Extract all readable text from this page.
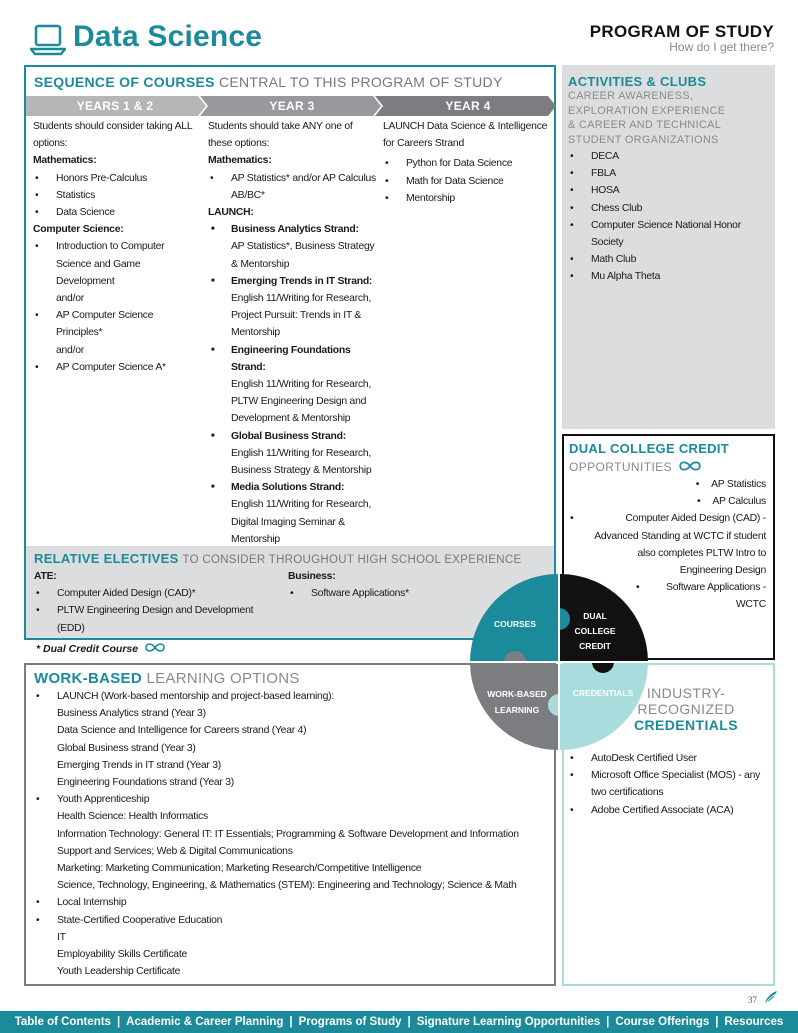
Data Science	PROGRAM OF STUDY
How do I get there?
SEQUENCE OF COURSES CENTRAL TO THIS PROGRAM OF STUDY
YEARS 1 & 2	YEAR 3	YEAR 4
Students should consider taking ALL options:
Mathematics:
• Honors Pre-Calculus
• Statistics
• Data Science
Computer Science:
• Introduction to Computer Science and Game Development
and/or
• AP Computer Science Principles*
and/or
• AP Computer Science A*
Students should take ANY one of these options:
Mathematics:
• AP Statistics* and/or AP Calculus AB/BC*
LAUNCH:
■ Business Analytics Strand:
AP Statistics*, Business Strategy & Mentorship
■ Emerging Trends in IT Strand:
English 11/Writing for Research, Project Pursuit: Trends in IT & Mentorship
■ Engineering Foundations Strand:
English 11/Writing for Research, PLTW Engineering Design and Development & Mentorship
■ Global Business Strand:  English 11/Writing for Research, Business Strategy & Mentorship
■ Media Solutions Strand:  English 11/Writing for Research, Digital Imaging Seminar & Mentorship
LAUNCH Data Science & Intelligence for Careers Strand
• Python for Data Science
• Math for Data Science
• Mentorship
RELATIVE ELECTIVES TO CONSIDER THROUGHOUT HIGH SCHOOL EXPERIENCE
ATE:
• Computer Aided Design (CAD)*
• PLTW Engineering Design and Development (EDD)
Business:
• Software Applications*
* Dual Credit Course
ACTIVITIES & CLUBS
CAREER AWARENESS,
EXPLORATION EXPERIENCE
& CAREER AND TECHNICAL
STUDENT ORGANIZATIONS
• DECA
• FBLA
• HOSA
• Chess Club
• Computer Science National Honor Society
• Math Club
• Mu Alpha Theta
DUAL COLLEGE CREDIT
OPPORTUNITIES
• AP Statistics
• AP Calculus
•	Computer Aided Design (CAD) - Advanced Standing at WCTC if student also completes PLTW Intro to Engineering Design
•	Software Applications - WCTC
WORK-BASED LEARNING OPTIONS
• LAUNCH (Work-based mentorship and project-based learning):
Business Analytics strand (Year 3)
Data Science and Intelligence for Careers strand (Year 4)
Global Business strand (Year 3)
Emerging Trends in IT strand (Year 3)
Engineering Foundations strand (Year 3)
• Youth Apprenticeship
Health Science: Health Informatics
Information Technology: General IT: IT Essentials; Programming & Software Development and Information Support and Services; Web & Digital Communications
Marketing: Marketing Communication; Marketing Research/Competitive Intelligence
Science, Technology, Engineering, & Mathematics (STEM): Engineering and Technology; Science & Math
• Local Internship
• State-Certified Cooperative Education
IT
Employability Skills Certificate
Youth Leadership Certificate
INDUSTRY-
RECOGNIZED
CREDENTIALS
• AutoDesk Certified User
• Microsoft Office Specialist (MOS) - any two certifications
• Adobe Certified Associate (ACA)
COURSES
DUAL COLLEGE
CREDIT
WORK-BASED
LEARNING
CREDENTIALS
37
Table of Contents | Academic & Career Planning | Programs of Study | Signature Learning Opportunities | Course Offerings | Resources
